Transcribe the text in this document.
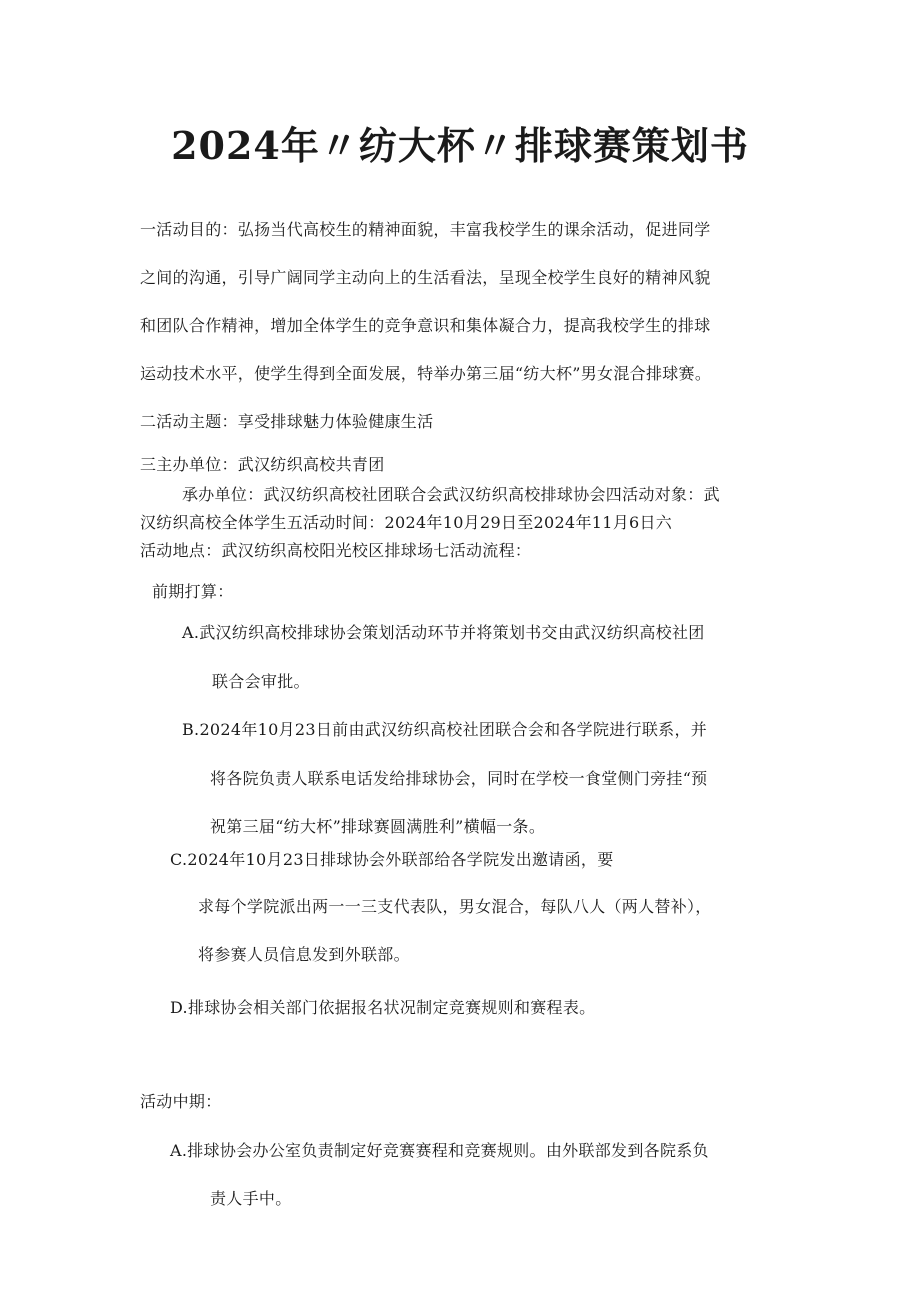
2024年〃纺大杯〃排球赛策划书
一活动目的：弘扬当代高校生的精神面貌，丰富我校学生的课余活动，促进同学
之间的沟通，引导广阔同学主动向上的生活看法，呈现全校学生良好的精神风貌
和团队合作精神，增加全体学生的竞争意识和集体凝合力，提高我校学生的排球
运动技术水平，使学生得到全面发展，特举办第三届“纺大杯”男女混合排球赛。
二活动主题：享受排球魅力体验健康生活
三主办单位：武汉纺织高校共青团
承办单位：武汉纺织高校社团联合会武汉纺织高校排球协会四活动对象：武
汉纺织高校全体学生五活动时间：2024年10月29日至2024年11月6日六
活动地点：武汉纺织高校阳光校区排球场七活动流程：
前期打算：
A.武汉纺织高校排球协会策划活动环节并将策划书交由武汉纺织高校社团
联合会审批。
B.2024年10月23日前由武汉纺织高校社团联合会和各学院进行联系，并
将各院负责人联系电话发给排球协会，同时在学校一食堂侧门旁挂“预
祝第三届“纺大杯”排球赛圆满胜利”横幅一条。
C.2024年10月23日排球协会外联部给各学院发出邀请函，要
求每个学院派出两一一三支代表队，男女混合，每队八人（两人替补），
将参赛人员信息发到外联部。
D.排球协会相关部门依据报名状况制定竞赛规则和赛程表。
活动中期：
A.排球协会办公室负责制定好竞赛赛程和竞赛规则。由外联部发到各院系负
责人手中。
